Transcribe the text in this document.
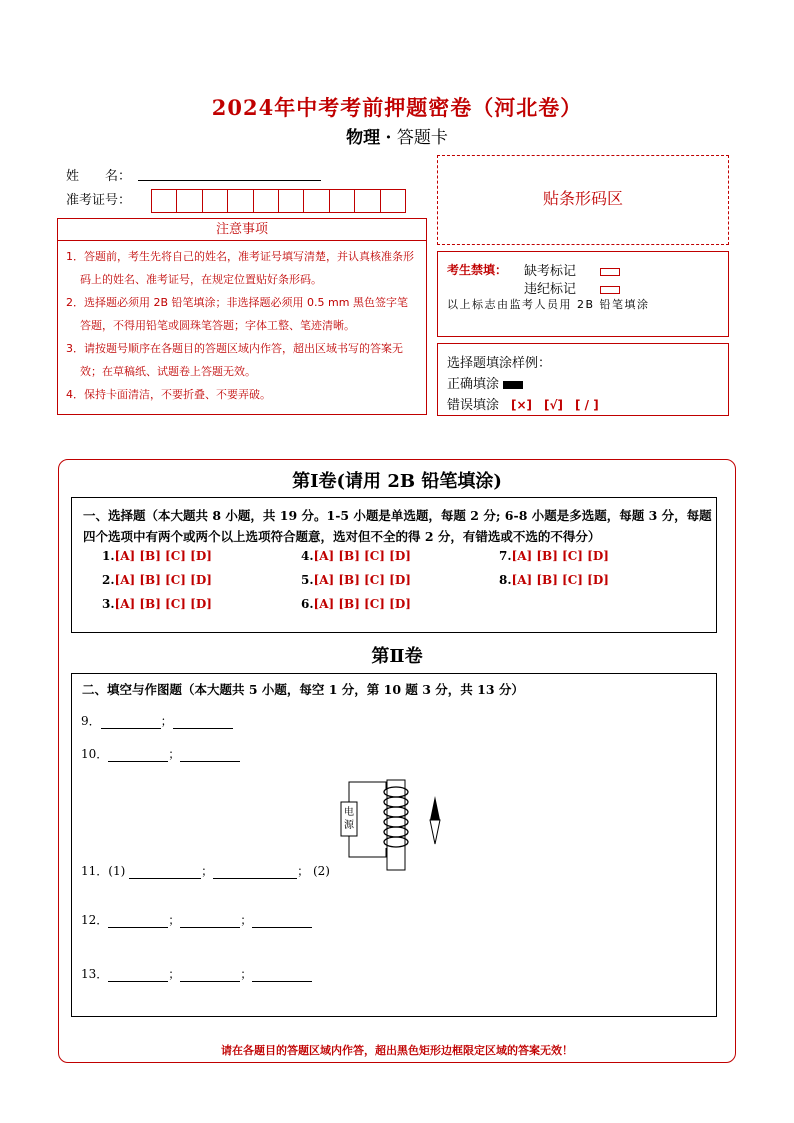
2024年中考考前押题密卷（河北卷）
物理 · 答题卡
姓　　名：
准考证号：
注意事项

1．答题前，考生先将自己的姓名，准考证号填写清楚，并认真核准条形码上的姓名、准考证号，在规定位置贴好条形码。

2．选择题必须用 2B 铅笔填涂；非选择题必须用 0.5 mm 黑色签字笔答题，不得用铅笔或圆珠笔答题；字体工整、笔迹清晰。

3．请按题号顺序在各题目的答题区域内作答，超出区域书写的答案无效；在草稿纸、试题卷上答题无效。

4．保持卡面清洁，不要折叠、不要弄破。

贴条形码区
考生禁填： 缺考标记
违纪标记
以上标志由监考人员用 2B 铅笔填涂
选择题填涂样例：
正确填涂
错误填涂 [×]　[√]　[ / ]
第Ⅰ卷(请用 2B 铅笔填涂)
一、选择题（本大题共 8 小题，共 19 分。1-5 小题是单选题，每题 2 分; 6-8 小题是多选题，每题 3 分，每题四个选项中有两个或两个以上选项符合题意，选对但不全的得 2 分，有错选或不选的不得分）
1.[A] [B] [C] [D]
2.[A] [B] [C] [D]
3.[A] [B] [C] [D]
4.[A] [B] [C] [D]
5.[A] [B] [C] [D]
6.[A] [B] [C] [D]
7.[A] [B] [C] [D]
8.[A] [B] [C] [D]
第Ⅱ卷
二、填空与作图题（本大题共 5 小题，每空 1 分，第 10 题 3 分，共 13 分）
9．	；
10．	；
电源
11．(1)	；	； (2)
12．	；	；
13．	；	；
请在各题目的答题区域内作答，超出黑色矩形边框限定区域的答案无效！
